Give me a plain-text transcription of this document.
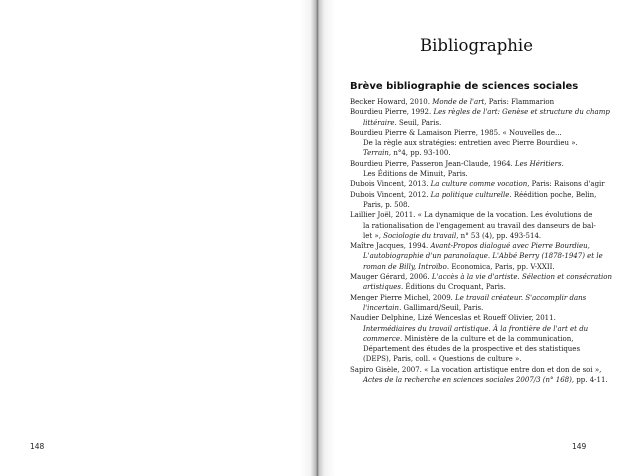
148	149
Bibliographie
Brève bibliographie de sciences sociales
Becker Howard, 2010. Monde de l'art, Paris: Flammarion
Bourdieu Pierre, 1992. Les règles de l'art: Genèse et structure du champ
littéraire. Seuil, Paris.
Bourdieu Pierre & Lamaison Pierre, 1985. « Nouvelles de...
De la règle aux stratégies: entretien avec Pierre Bourdieu ».
Terrain, n°4, pp. 93-100.
Bourdieu Pierre, Passeron Jean-Claude, 1964. Les Héritiers.
Les Éditions de Minuit, Paris.
Dubois Vincent, 2013. La culture comme vocation, Paris: Raisons d'agir
Dubois Vincent, 2012. La politique culturelle. Réédition poche, Belin,
Paris, p. 508.
Laillier Joël, 2011. « La dynamique de la vocation. Les évolutions de
la rationalisation de l'engagement au travail des danseurs de bal-
let », Sociologie du travail, n° 53 (4), pp. 493-514.
Maître Jacques, 1994. Avant-Propos dialogué avec Pierre Bourdieu,
L'autobiographie d'un paranoïaque. L'Abbé Berry (1878-1947) et le
roman de Billy, Introïbo. Economica, Paris, pp. V-XXII.
Mauger Gérard, 2006. L'accès à la vie d'artiste. Sélection et consécration
artistiques. Éditions du Croquant, Paris.
Menger Pierre Michel, 2009. Le travail créateur. S'accomplir dans
l'incertain. Gallimard/Seuil, Paris.
Naudier Delphine, Lizé Wenceslas et Roueff Olivier, 2011.
Intermédiaires du travail artistique. À la frontière de l'art et du
commerce. Ministère de la culture et de la communication,
Département des études de la prospective et des statistiques
(DEPS), Paris, coll. « Questions de culture ».
Sapiro Gisèle, 2007. « La vocation artistique entre don et don de soi »,
Actes de la recherche en sciences sociales 2007/3 (n° 168), pp. 4-11.
